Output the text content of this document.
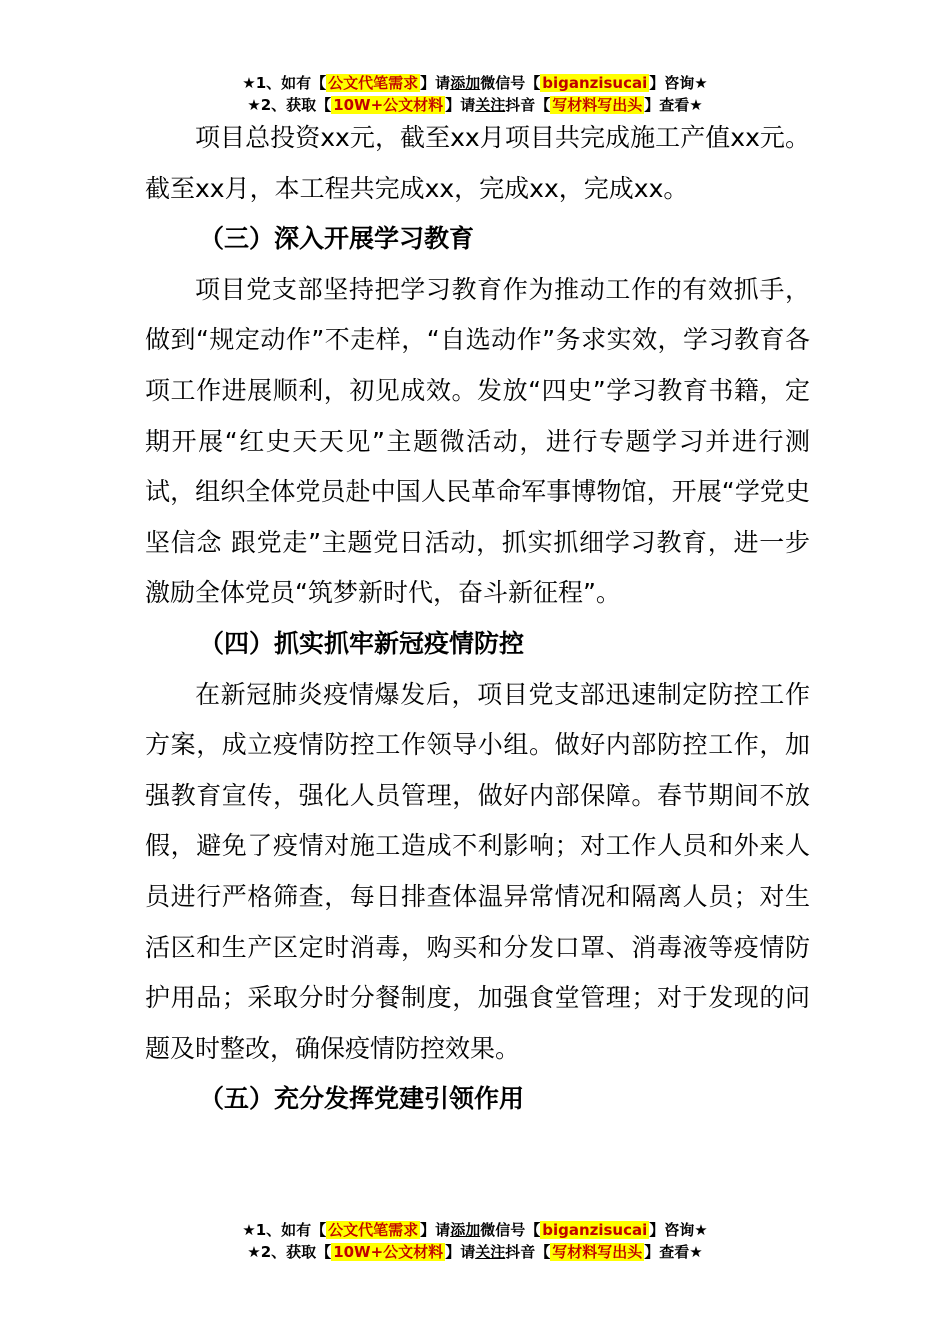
★1、如有【 公文代笔需求 】请添加微信号【 biganzisucai 】咨询★
★2、获取【 10W+公文材料 】请关注抖音【 写材料写出头 】查看★

项目总投资xx元，截至xx月项目共完成施工产值xx元。截至xx月，本工程共完成xx，完成xx，完成xx。

（三）深入开展学习教育

项目党支部坚持把学习教育作为推动工作的有效抓手，做到“规定动作”不走样，“自选动作”务求实效，学习教育各项工作进展顺利，初见成效。发放“四史”学习教育书籍，定期开展“红史天天见”主题微活动，进行专题学习并进行测试，组织全体党员赴中国人民革命军事博物馆，开展“学党史 坚信念 跟党走”主题党日活动，抓实抓细学习教育，进一步激励全体党员“筑梦新时代，奋斗新征程”。

（四）抓实抓牢新冠疫情防控

在新冠肺炎疫情爆发后，项目党支部迅速制定防控工作方案，成立疫情防控工作领导小组。做好内部防控工作，加强教育宣传，强化人员管理，做好内部保障。春节期间不放假，避免了疫情对施工造成不利影响；对工作人员和外来人员进行严格筛查，每日排查体温异常情况和隔离人员；对生活区和生产区定时消毒，购买和分发口罩、消毒液等疫情防护用品；采取分时分餐制度，加强食堂管理；对于发现的问题及时整改，确保疫情防控效果。

（五）充分发挥党建引领作用
★1、如有【 公文代笔需求 】请添加微信号【 biganzisucai 】咨询★
★2、获取【 10W+公文材料 】请关注抖音【 写材料写出头 】查看★
